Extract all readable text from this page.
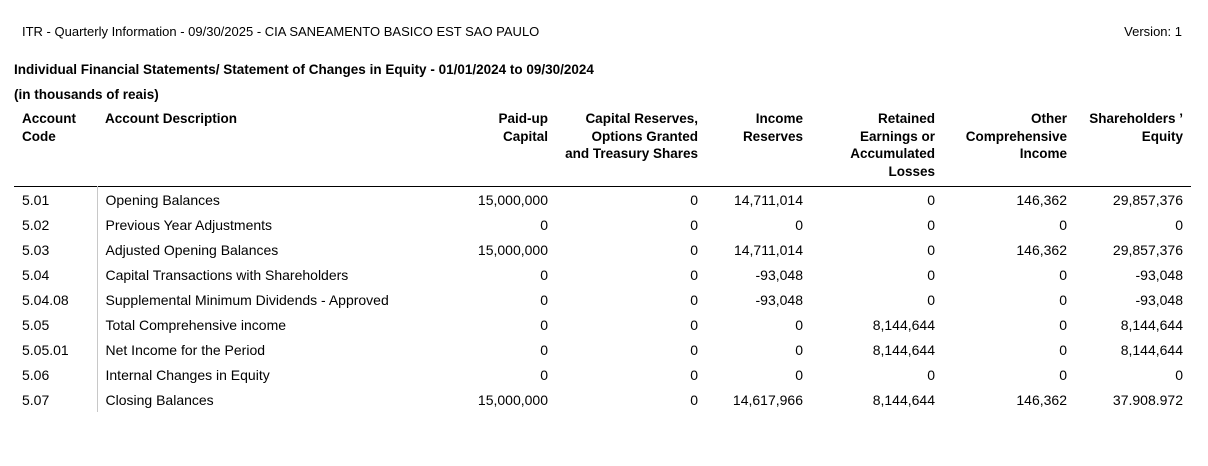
ITR - Quarterly Information - 09/30/2025 - CIA SANEAMENTO BASICO EST SAO PAULO	Version: 1
Individual Financial Statements/ Statement of Changes in Equity - 01/01/2024 to 09/30/2024
(in thousands of reais)
Account Code	Account Description	Paid-up Capital	Capital Reserves, Options Granted and Treasury Shares	Income Reserves	Retained Earnings or Accumulated Losses	Other Comprehensive Income	Shareholders ’ Equity
5.01	Opening Balances	15,000,000	0	14,711,014	0	146,362	29,857,376
5.02	Previous Year Adjustments	0	0	0	0	0	0
5.03	Adjusted Opening Balances	15,000,000	0	14,711,014	0	146,362	29,857,376
5.04	Capital Transactions with Shareholders	0	0	-93,048	0	0	-93,048
5.04.08	Supplemental Minimum Dividends - Approved	0	0	-93,048	0	0	-93,048
5.05	Total Comprehensive income	0	0	0	8,144,644	0	8,144,644
5.05.01	Net Income for the Period	0	0	0	8,144,644	0	8,144,644
5.06	Internal Changes in Equity	0	0	0	0	0	0
5.07	Closing Balances	15,000,000	0	14,617,966	8,144,644	146,362	37.908.972
